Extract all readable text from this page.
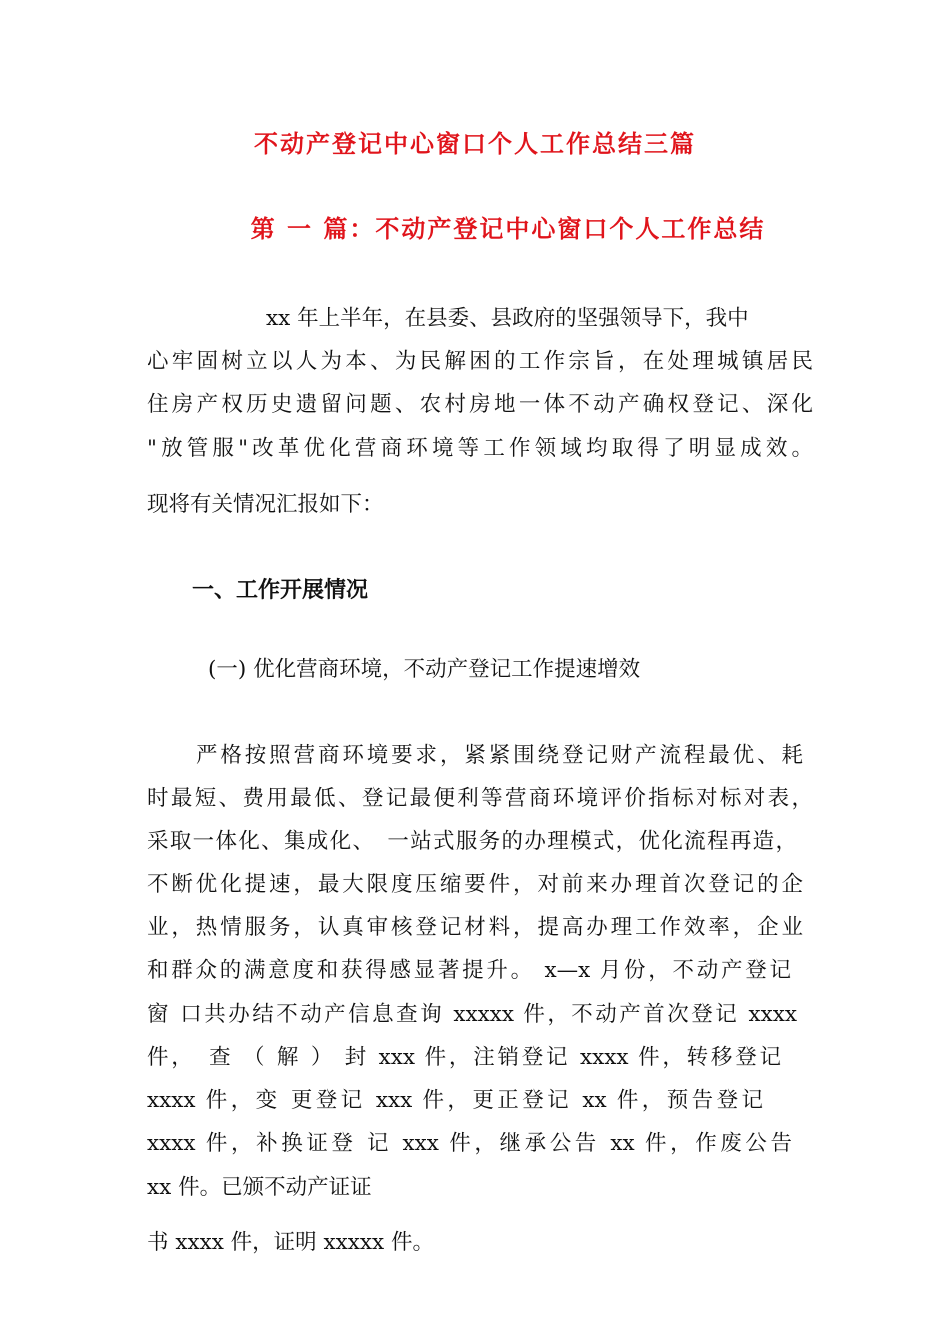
不动产登记中心窗口个人工作总结三篇
第 一 篇：不动产登记中心窗口个人工作总结
xx 年上半年，在县委、县政府的坚强领导下，我中
心牢固树立以人为本、为民解困的工作宗旨，在处理城镇居民
住房产权历史遗留问题、农村房地一体不动产确权登记、深化
"放管服"改革优化营商环境等工作领域均取得了明显成效。
现将有关情况汇报如下：
一、工作开展情况
(一) 优化营商环境，不动产登记工作提速增效
严格按照营商环境要求，紧紧围绕登记财产流程最优、耗
时最短、费用最低、登记最便利等营商环境评价指标对标对表，
采取一体化、集成化、　一站式服务的办理模式，优化流程再造，
不断优化提速，最大限度压缩要件，对前来办理首次登记的企
业，热情服务，认真审核登记材料，提高办理工作效率，企业
和群众的满意度和获得感显著提升。 x—x 月份，不动产登记
窗 口共办结不动产信息查询 xxxxx 件，不动产首次登记 xxxx
件，　查 （ 解 ） 封 xxx 件，注销登记 xxxx 件，转移登记
xxxx 件，变 更登记 xxx 件，更正登记 xx 件，预告登记
xxxx 件，补换证登 记 xxx 件，继承公告 xx 件，作废公告
xx 件。已颁不动产证证
书 xxxx 件，证明 xxxxx 件。
